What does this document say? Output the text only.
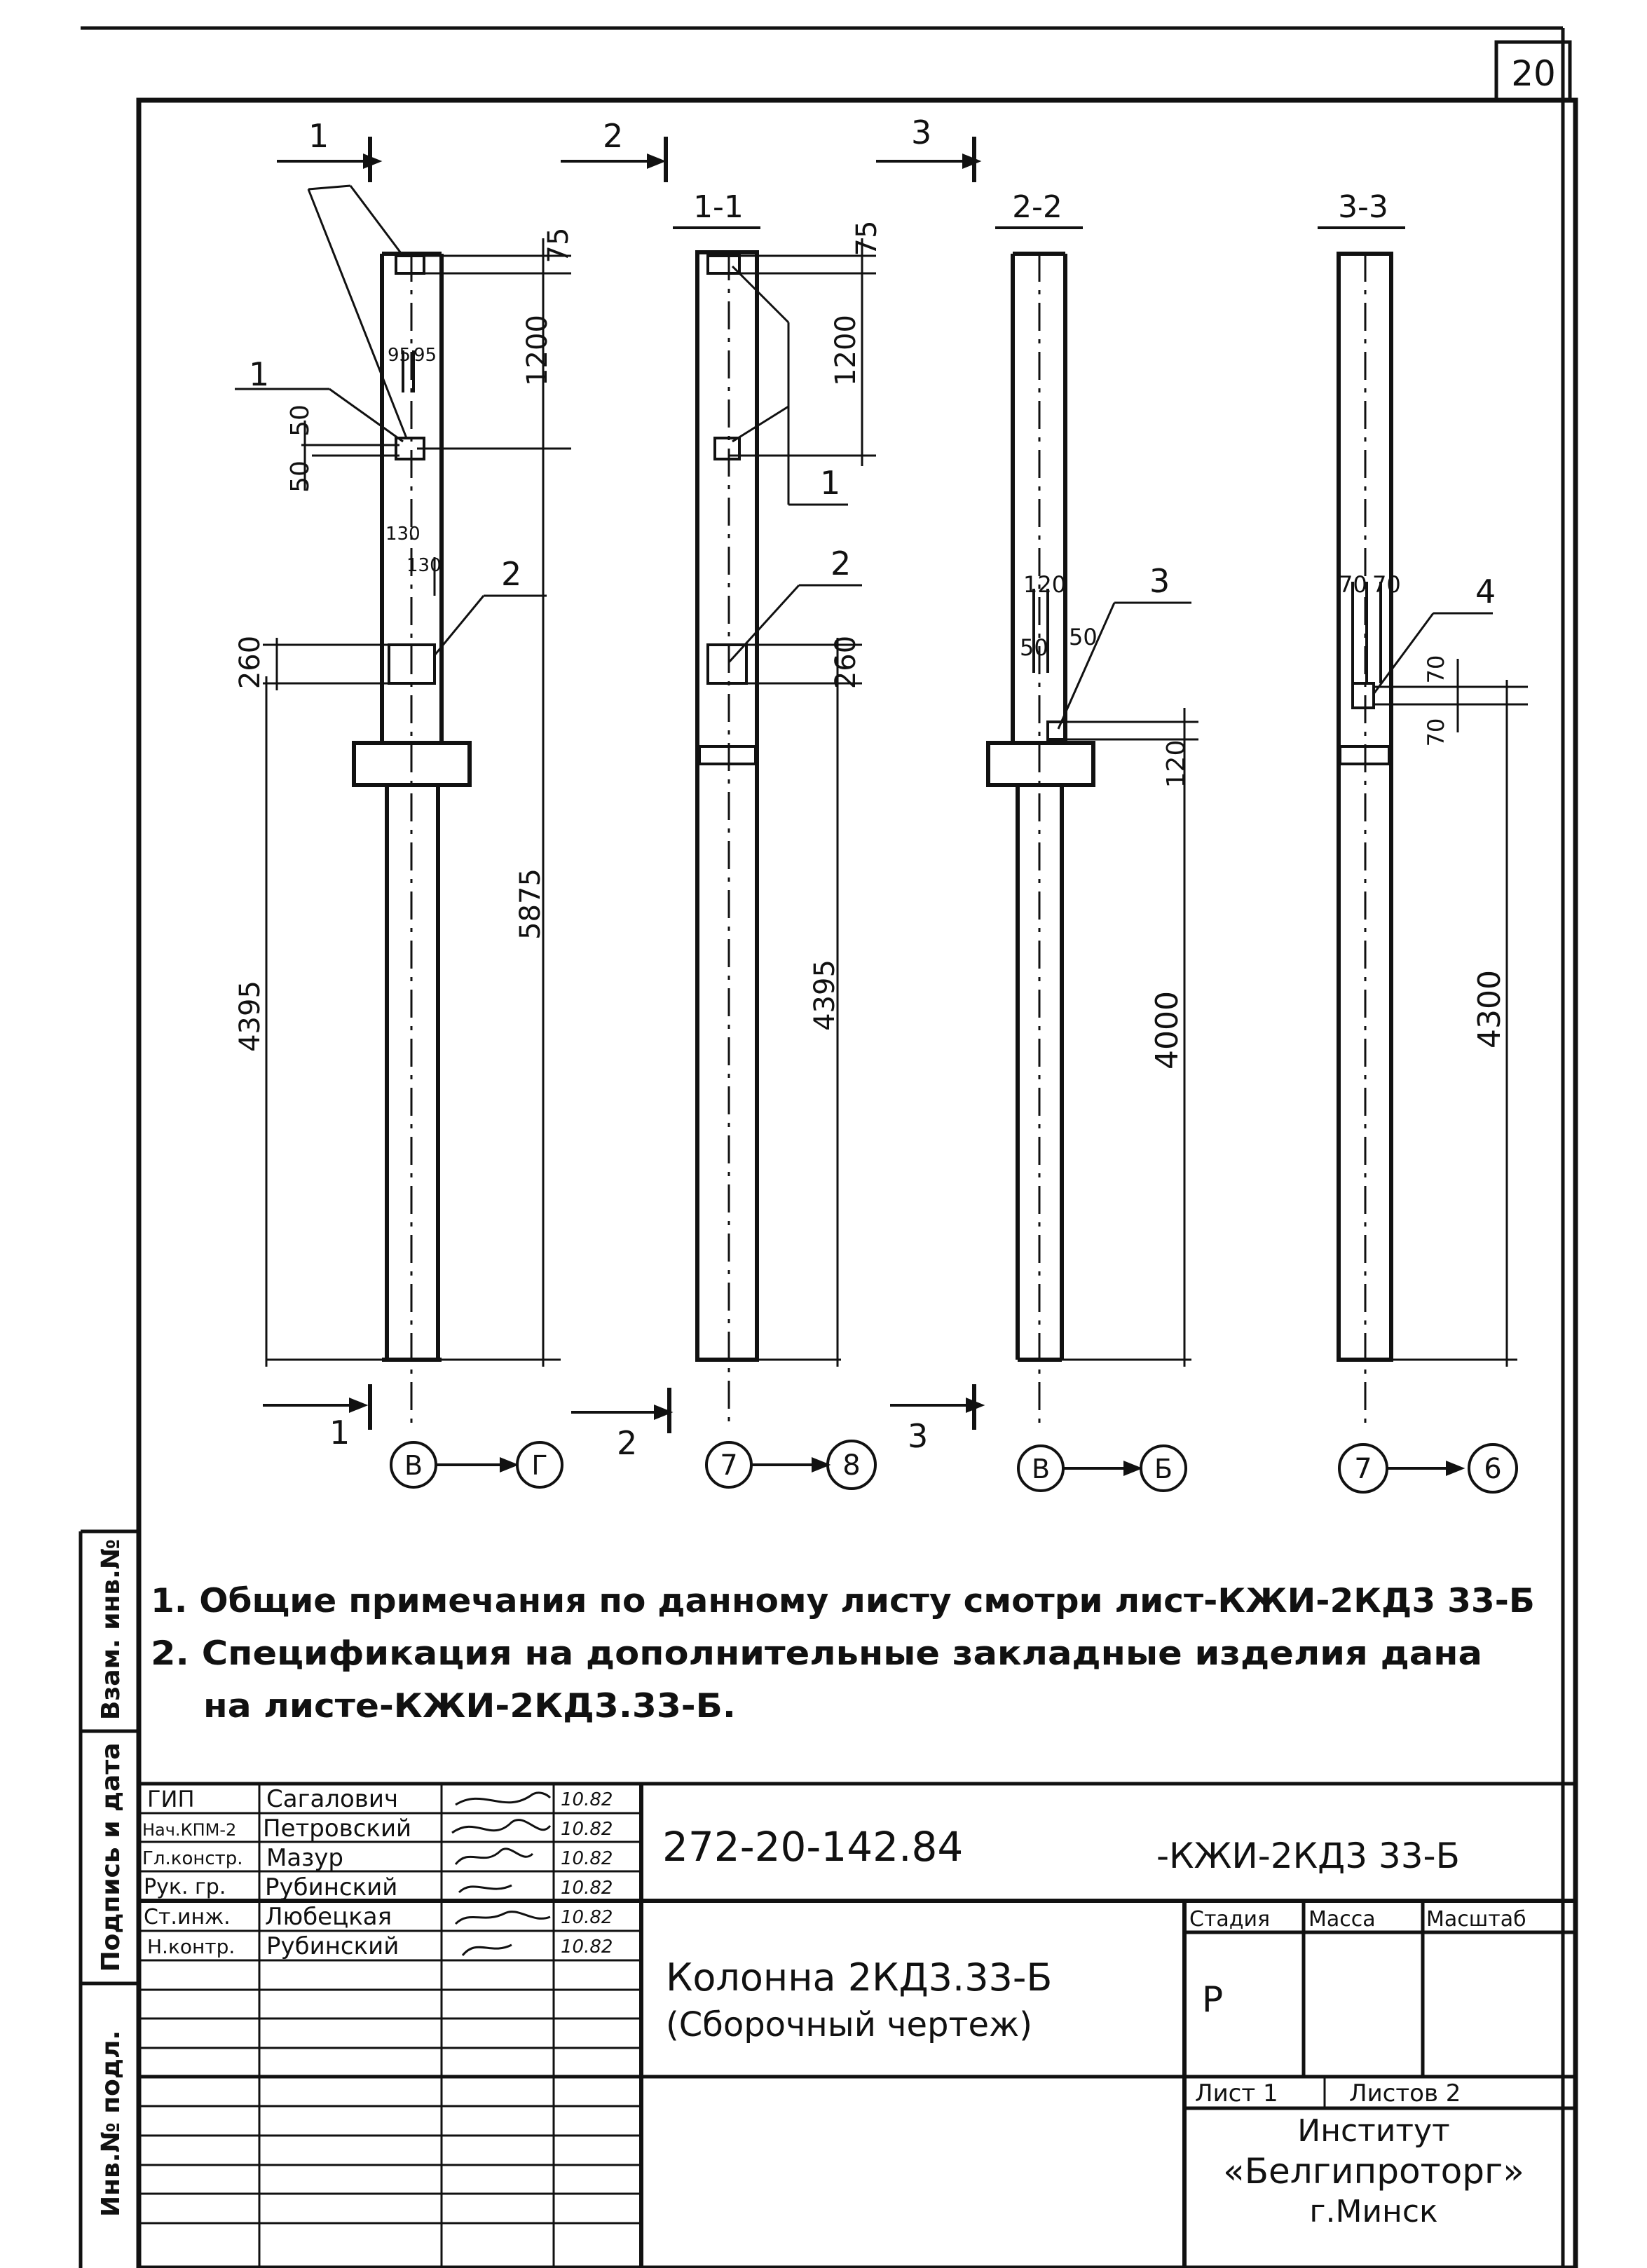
20
1
1
1
2
75
1200
95 95
50
50
130
130
260
4395
5875
В	Г
1-1
2
2
1
2
75
1200
260
4395
7	8
2-2
3
3
3
120
50 50
120
4000
В	Б
3-3
4
70 70
70
70
4300
7	6
1. Общие примечания по данному листу смотри лист-КЖИ-2КД3 33-Б
2. Спецификация на дополнительные закладные изделия дана
на листе-КЖИ-2КД3.33-Б.
Инв.№ подл.
Подпись и дата
Взам. инв.№
ГИП	Сагалович	10.82
Нач.КПМ-2 Петровский	10.82
Гл.констр. Мазур	10.82
Рук. гр. Рубинский	10.82
Ст.инж. Любецкая	10.82
Н.контр. Рубинский	10.82
272-20-142.84	-КЖИ-2КД3 33-Б
Колонна 2КД3.33-Б
(Сборочный чертеж)
Стадия Масса Масштаб
Р
Лист 1	Листов 2
Институт
«Белгипроторг»
г.Минск
